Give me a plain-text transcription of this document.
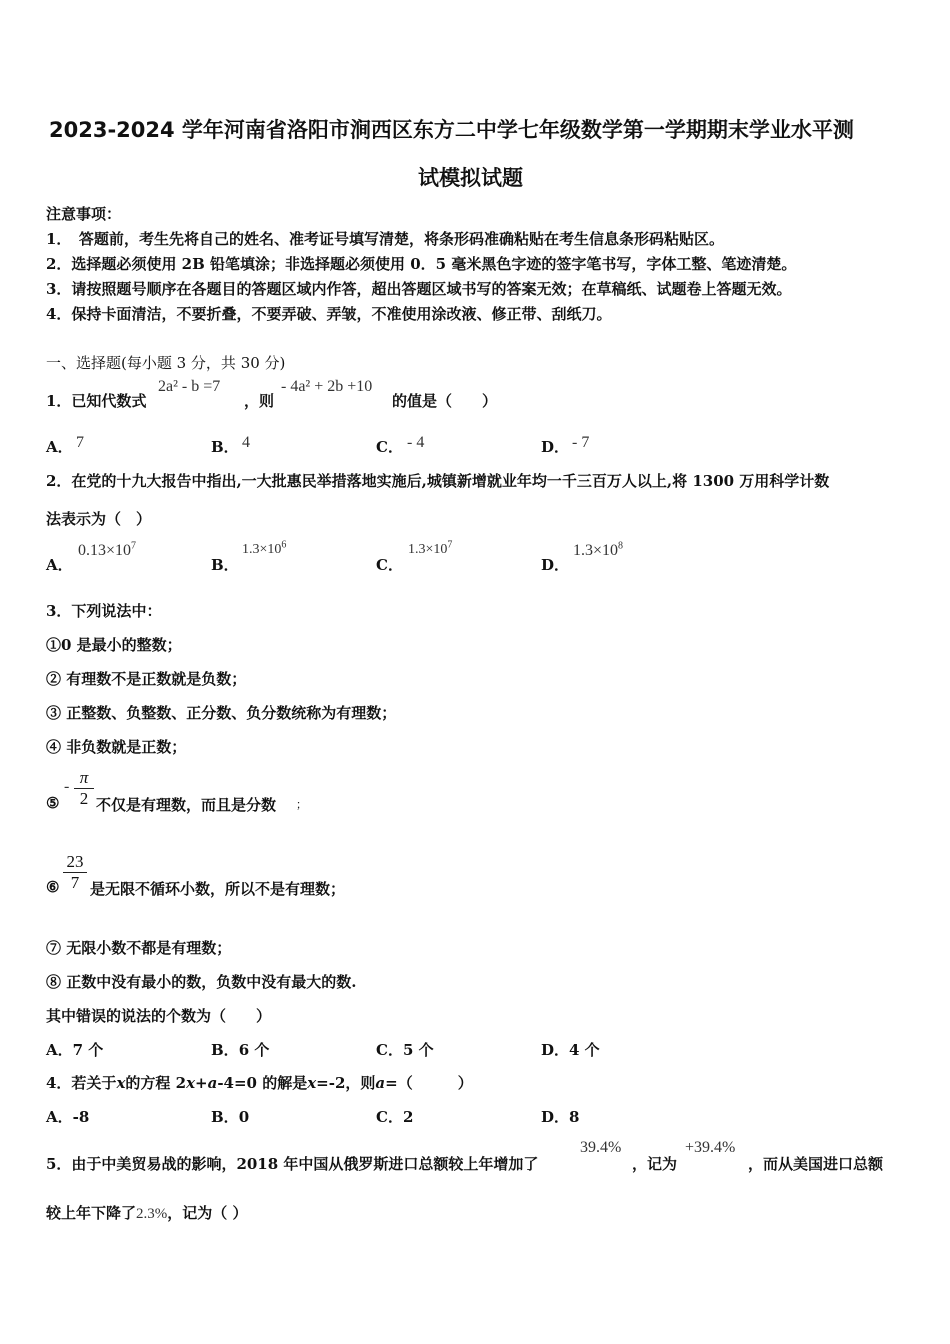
2023-2024 学年河南省洛阳市涧西区东方二中学七年级数学第一学期期末学业水平测
试模拟试题
注意事项：
1．　答题前，考生先将自己的姓名、准考证号填写清楚，将条形码准确粘贴在考生信息条形码粘贴区。
2．选择题必须使用 2B 铅笔填涂；非选择题必须使用 0．5 毫米黑色字迹的签字笔书写，字体工整、笔迹清楚。
3．请按照题号顺序在各题目的答题区域内作答，超出答题区域书写的答案无效；在草稿纸、试题卷上答题无效。
4．保持卡面清洁，不要折叠，不要弄破、弄皱，不准使用涂改液、修正带、刮纸刀。
一、选择题(每小题 3 分，共 30 分)
1．已知代数式
2a² - b =7
，则
- 4a² + 2b +10
的值是（　　）
A． 7	B． 4	C． - 4	D． - 7
2．在党的十九大报告中指出,一大批惠民举措落地实施后,城镇新增就业年均一千三百万人以上,将 1300 万用科学计数
法表示为（　）
A．
$0.13\times 10^7$
B．
$1.3\times 10^6$
C．
$1.3\times 10^7$
D．
$1.3\times 10^8$
3．下列说法中：
①0 是最小的整数；
② 有理数不是正数就是负数；
③ 正整数、负整数、正分数、负分数统称为有理数；
④ 非负数就是正数；
⑤
- π
2 不仅是有理数，而且是分数 ；
⑥
23
7 是无限不循环小数，所以不是有理数；
⑦ 无限小数不都是有理数；
⑧ 正数中没有最小的数，负数中没有最大的数.
其中错误的说法的个数为（　　）
A．7 个	B．6 个	C．5 个	D．4 个
4．若关于x的方程 2x+a-4=0 的解是x=-2，则a=（　　　）
A．-8	B．0	C．2	D．8
5．由于中美贸易战的影响，2018 年中国从俄罗斯进口总额较上年增加了
39.4%
，记为
+39.4%
，而从美国进口总额
较上年下降了2.3%，记为（ ）
